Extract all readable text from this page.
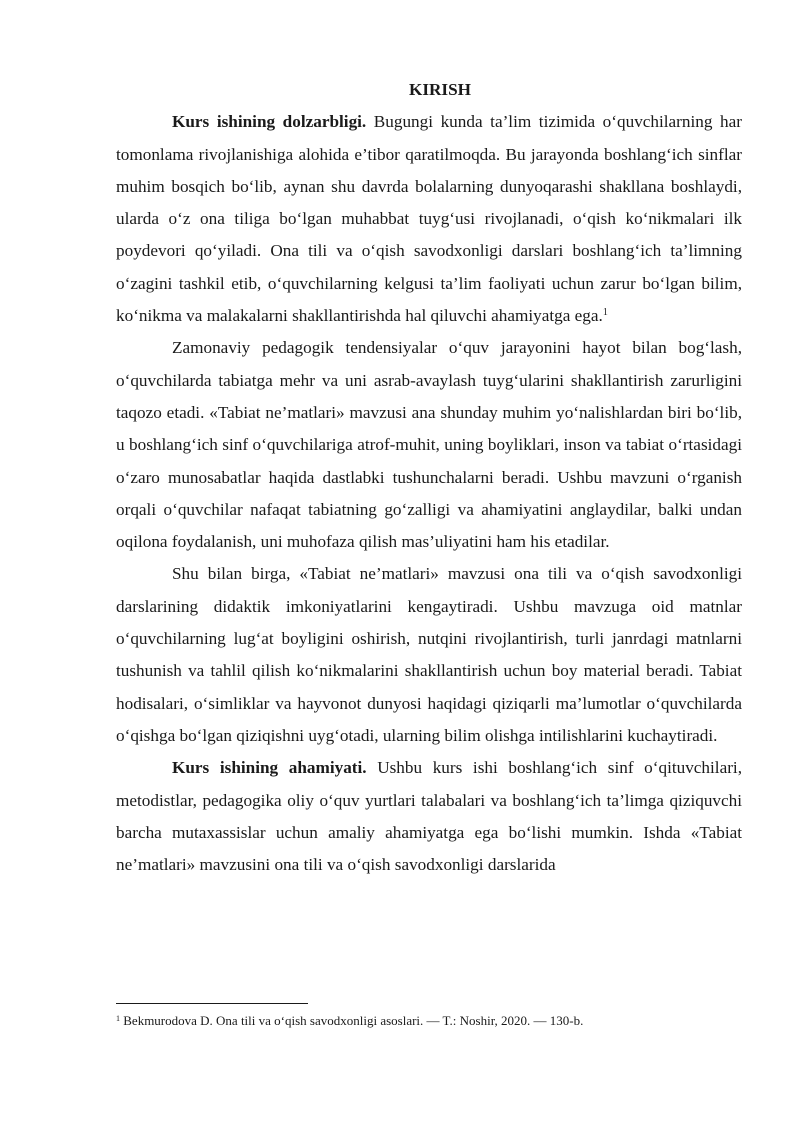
KIRISH

Kurs ishining dolzarbligi. Bugungi kunda ta’lim tizimida o‘quvchilarning har tomonlama rivojlanishiga alohida e’tibor qaratilmoqda. Bu jarayonda boshlang‘ich sinflar muhim bosqich bo‘lib, aynan shu davrda bolalarning dunyoqarashi shakllana boshlaydi, ularda o‘z ona tiliga bo‘lgan muhabbat tuyg‘usi rivojlanadi, o‘qish ko‘nikmalari ilk poydevori qo‘yiladi. Ona tili va o‘qish savodxonligi darslari boshlang‘ich ta’limning o‘zagini tashkil etib, o‘quvchilarning kelgusi ta’lim faoliyati uchun zarur bo‘lgan bilim, ko‘nikma va malakalarni shakllantirishda hal qiluvchi ahamiyatga ega.$^1$

Zamonaviy pedagogik tendensiyalar o‘quv jarayonini hayot bilan bog‘lash, o‘quvchilarda tabiatga mehr va uni asrab-avaylash tuyg‘ularini shakllantirish zarurligini taqozo etadi. «Tabiat ne’matlari» mavzusi ana shunday muhim yo‘nalishlardan biri bo‘lib, u boshlang‘ich sinf o‘quvchilariga atrof-muhit, uning boyliklari, inson va tabiat o‘rtasidagi o‘zaro munosabatlar haqida dastlabki tushunchalarni beradi. Ushbu mavzuni o‘rganish orqali o‘quvchilar nafaqat tabiatning go‘zalligi va ahamiyatini anglaydilar, balki undan oqilona foydalanish, uni muhofaza qilish mas’uliyatini ham his etadilar.

Shu bilan birga, «Tabiat ne’matlari» mavzusi ona tili va o‘qish savodxonligi darslarining didaktik imkoniyatlarini kengaytiradi. Ushbu mavzuga oid matnlar o‘quvchilarning lug‘at boyligini oshirish, nutqini rivojlantirish, turli janrdagi matnlarni tushunish va tahlil qilish ko‘nikmalarini shakllantirish uchun boy material beradi. Tabiat hodisalari, o‘simliklar va hayvonot dunyosi haqidagi qiziqarli ma’lumotlar o‘quvchilarda o‘qishga bo‘lgan qiziqishni uyg‘otadi, ularning bilim olishga intilishlarini kuchaytiradi.

Kurs ishining ahamiyati. Ushbu kurs ishi boshlang‘ich sinf o‘qituvchilari, metodistlar, pedagogika oliy o‘quv yurtlari talabalari va boshlang‘ich ta’limga qiziquvchi barcha mutaxassislar uchun amaliy ahamiyatga ega bo‘lishi mumkin. Ishda «Tabiat ne’matlari» mavzusini ona tili va o‘qish savodxonligi darslarida

$^1$ Bekmurodova D. Ona tili va o‘qish savodxonligi asoslari. — T.: Noshir, 2020. — 130-b.
